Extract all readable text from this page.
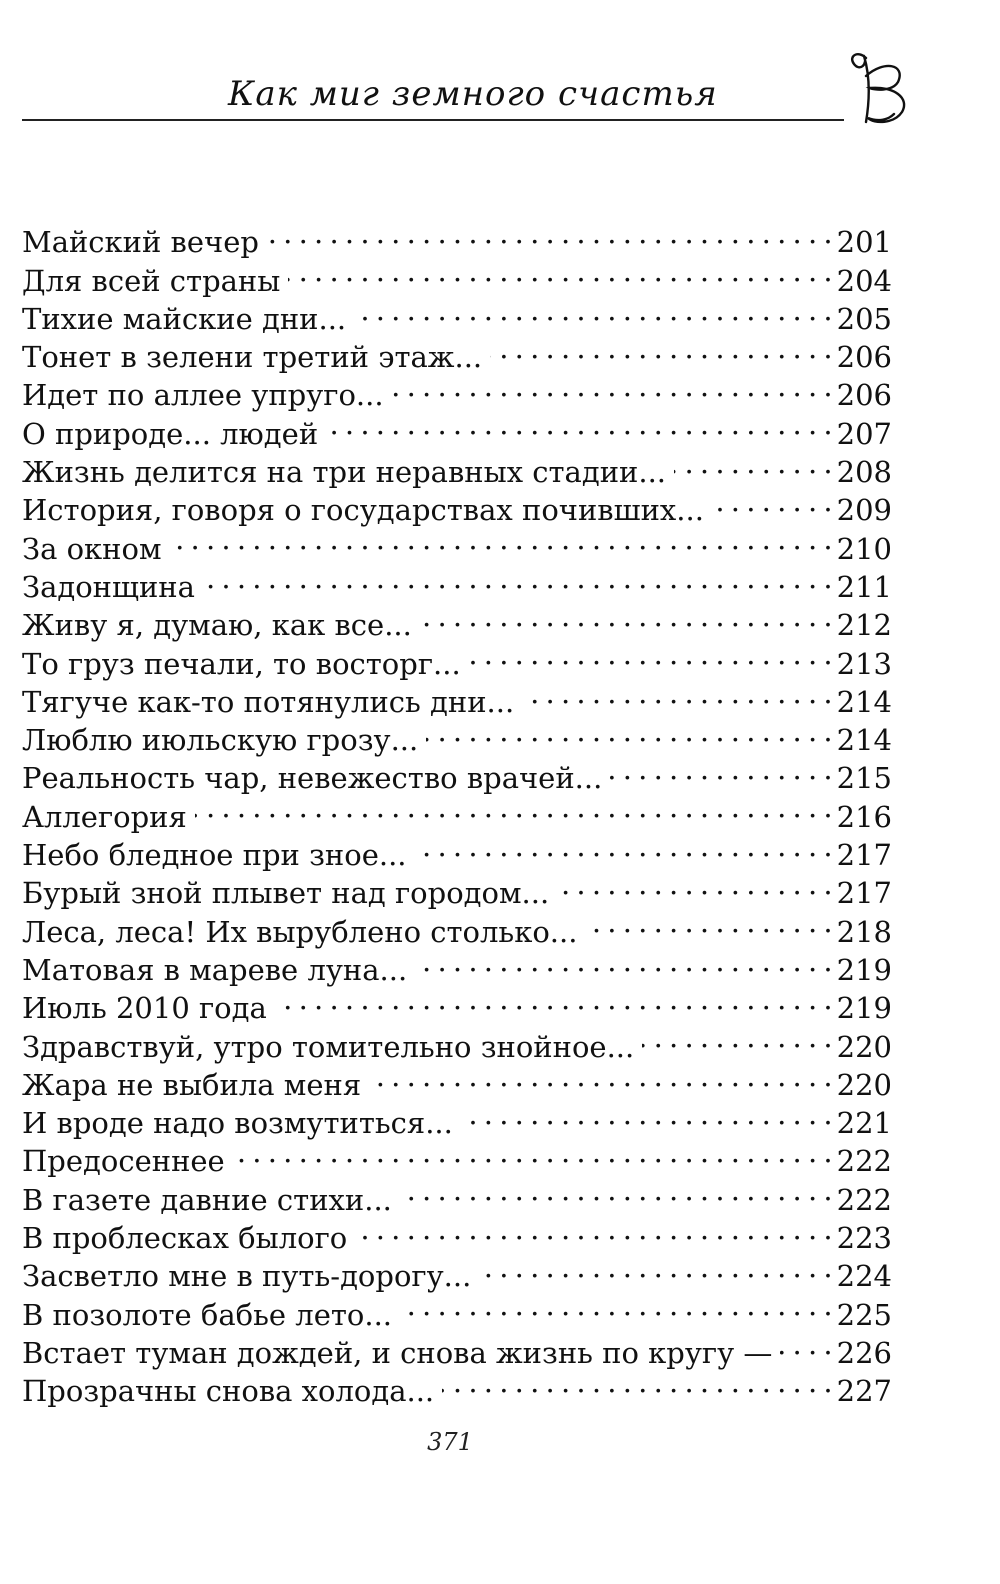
Как миг земного счастья
Майский вечер . . .	201
Для всей страны . . .	204
Тихие майские дни... . . .	205
Тонет в зелени третий этаж... . . .	206
Идет по аллее упруго... . . .	206
О природе... людей . . .	207
Жизнь делится на три неравных стадии... . . .	208
История, говоря о государствах почивших... . . .	209
За окном . . .	210
Задонщина . . .	211
Живу я, думаю, как все... . . .	212
То груз печали, то восторг... . . .	213
Тягуче как-то потянулись дни... . . .	214
Люблю июльскую грозу... . . .	214
Реальность чар, невежество врачей... . . .	215
Аллегория . . .	216
Небо бледное при зное... . . .	217
Бурый зной плывет над городом... . . .	217
Леса, леса! Их вырублено столько... . . .	218
Матовая в мареве луна... . . .	219
Июль 2010 года . . .	219
Здравствуй, утро томительно знойное... . . .	220
Жара не выбила меня . . .	220
И вроде надо возмутиться... . . .	221
Предосеннее . . .	222
В газете давние стихи... . . .	222
В проблесках былого . . .	223
Засветло мне в путь-дорогу... . . .	224
В позолоте бабье лето... . . .	225
Встает туман дождей, и снова жизнь по кругу — . . . 226
Прозрачны снова холода... . . .	227
371
